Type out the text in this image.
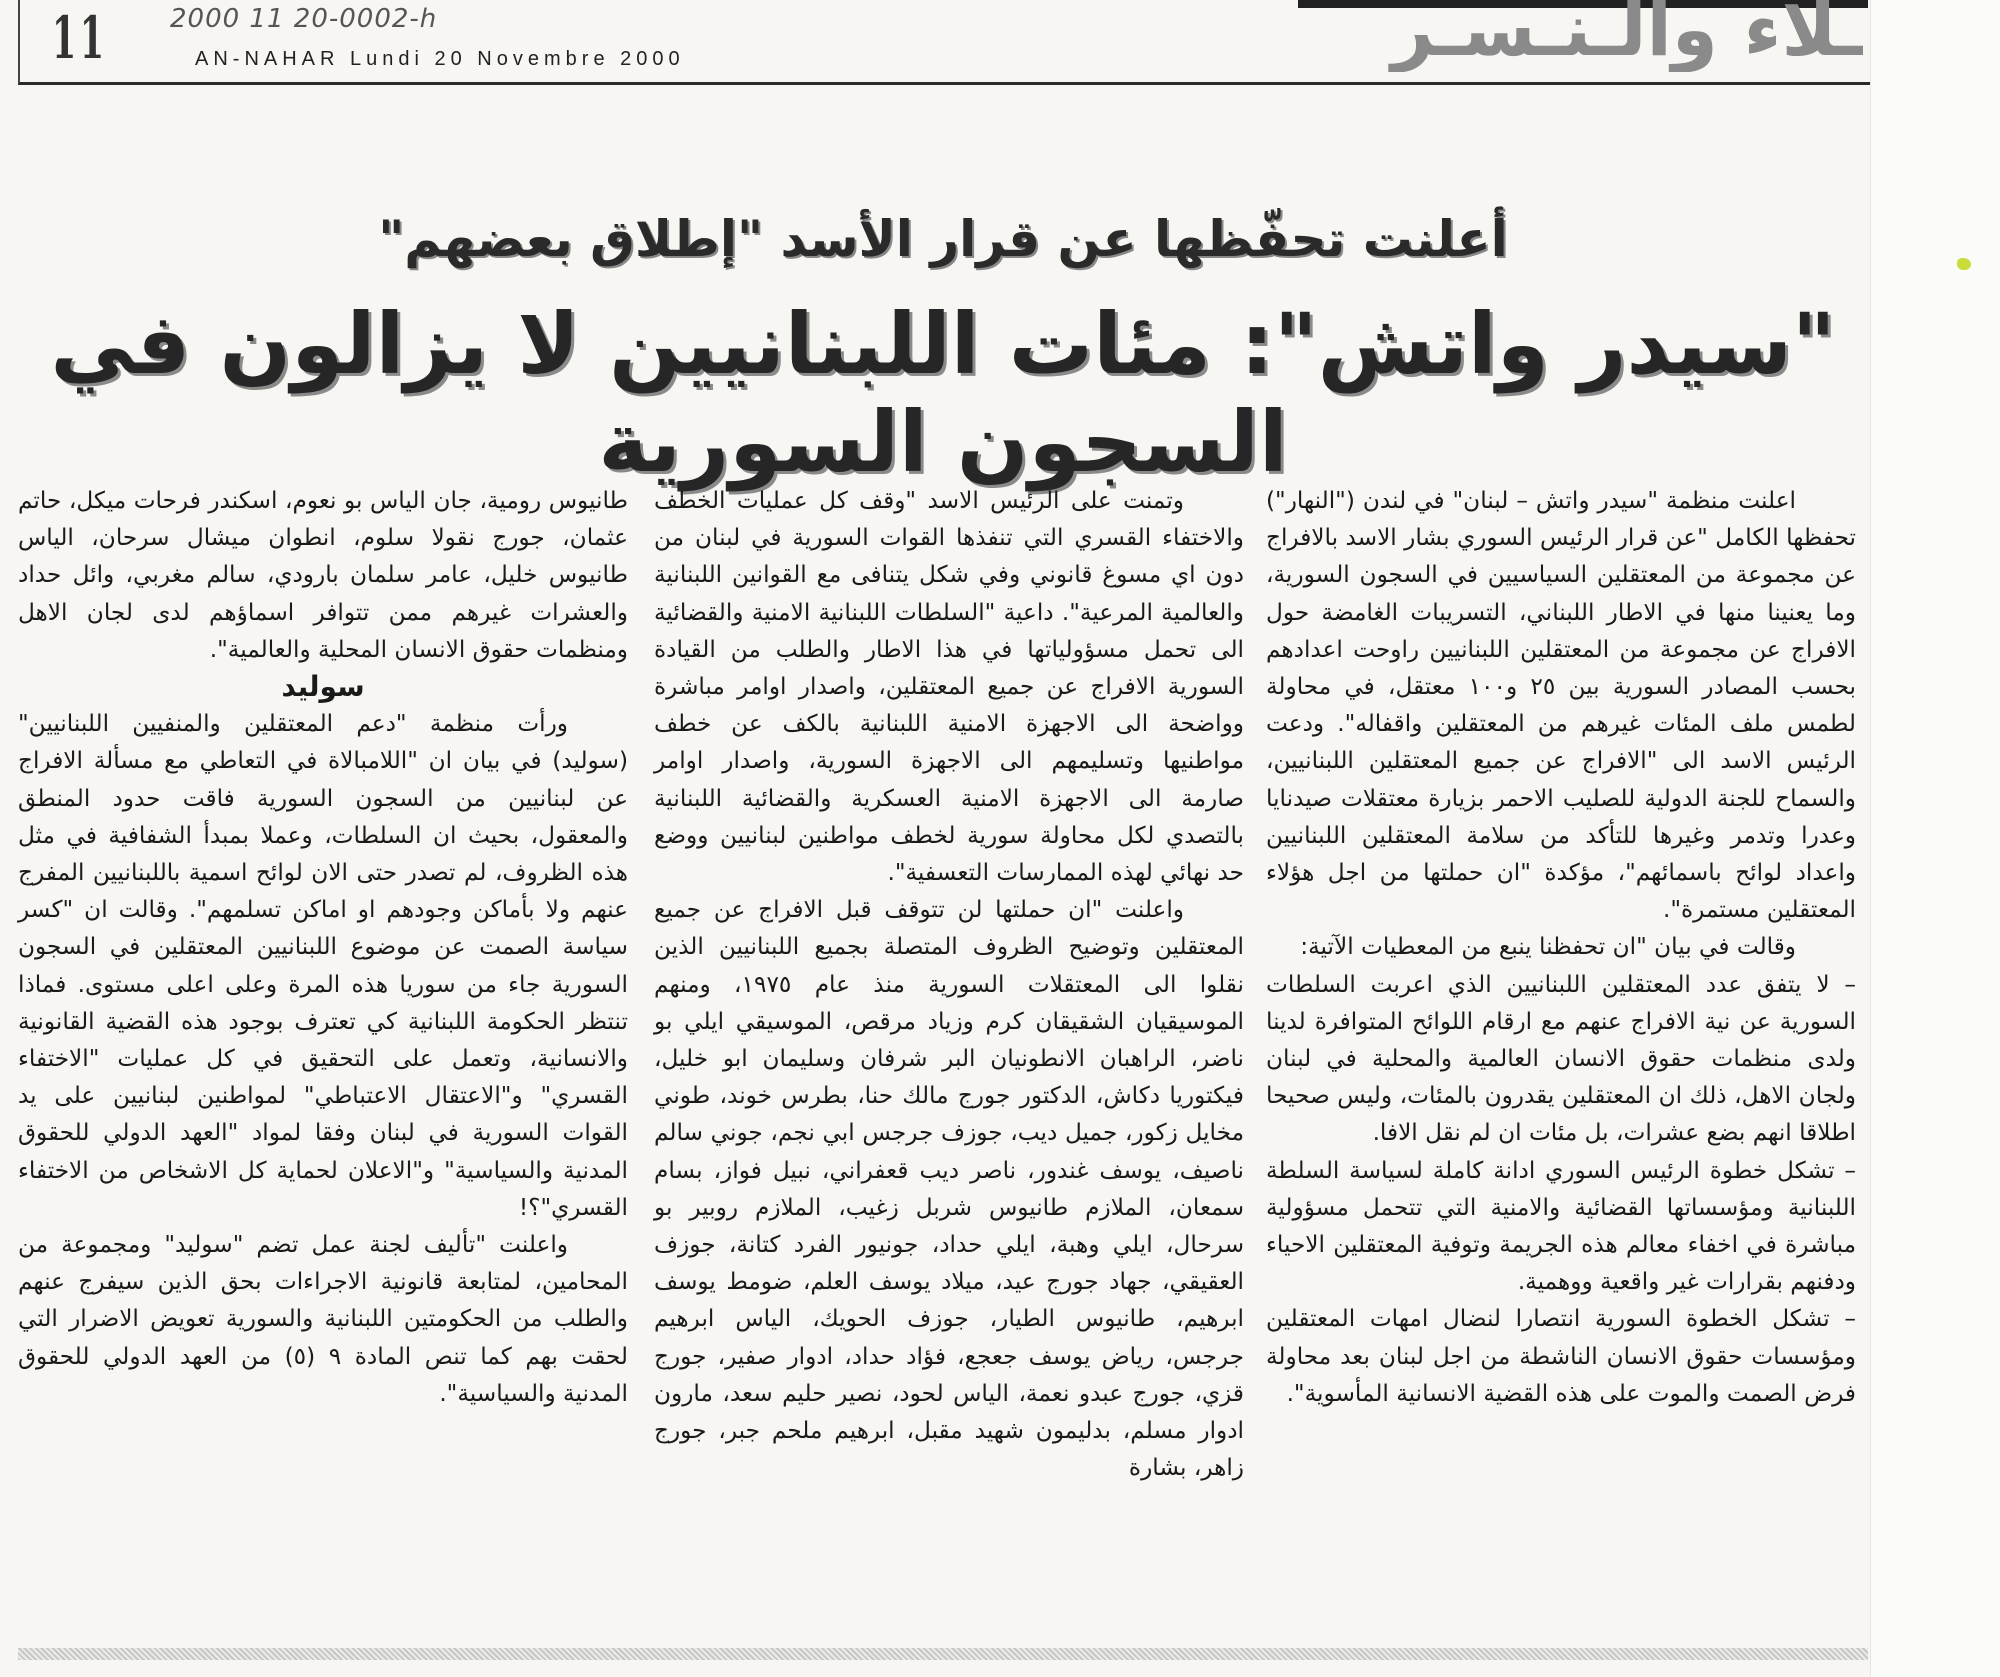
11 2000 11 20-0002-h
AN-NAHAR Lundi 20 Novembre 2000	ـلاء والـنـسـر
أعلنت تحفّظها عن قرار الأسد "إطلاق بعضهم"
"سيدر واتش": مئات اللبنانيين لا يزالون في السجون السورية

اعلنت منظمة "سيدر واتش – لبنان" في لندن ("النهار") تحفظها الكامل "عن قرار الرئيس السوري بشار الاسد بالافراج عن مجموعة من المعتقلين السياسيين في السجون السورية، وما يعنينا منها في الاطار اللبناني، التسريبات الغامضة حول الافراج عن مجموعة من المعتقلين اللبنانيين راوحت اعدادهم بحسب المصادر السورية بين ٢٥ و١٠٠ معتقل، في محاولة لطمس ملف المئات غيرهم من المعتقلين واقفاله". ودعت الرئيس الاسد الى "الافراج عن جميع المعتقلين اللبنانيين، والسماح للجنة الدولية للصليب الاحمر بزيارة معتقلات صيدنايا وعدرا وتدمر وغيرها للتأكد من سلامة المعتقلين اللبنانيين واعداد لوائح باسمائهم"، مؤكدة "ان حملتها من اجل هؤلاء المعتقلين مستمرة".

وقالت في بيان "ان تحفظنا ينبع من المعطيات الآتية:

– لا يتفق عدد المعتقلين اللبنانيين الذي اعربت السلطات السورية عن نية الافراج عنهم مع ارقام اللوائح المتوافرة لدينا ولدى منظمات حقوق الانسان العالمية والمحلية في لبنان ولجان الاهل، ذلك ان المعتقلين يقدرون بالمئات، وليس صحيحا اطلاقا انهم بضع عشرات، بل مئات ان لم نقل الافا.

– تشكل خطوة الرئيس السوري ادانة كاملة لسياسة السلطة اللبنانية ومؤسساتها القضائية والامنية التي تتحمل مسؤولية مباشرة في اخفاء معالم هذه الجريمة وتوفية المعتقلين الاحياء ودفنهم بقرارات غير واقعية ووهمية.

– تشكل الخطوة السورية انتصارا لنضال امهات المعتقلين ومؤسسات حقوق الانسان الناشطة من اجل لبنان بعد محاولة فرض الصمت والموت على هذه القضية الانسانية المأسوية".

وتمنت على الرئيس الاسد "وقف كل عمليات الخطف والاختفاء القسري التي تنفذها القوات السورية في لبنان من دون اي مسوغ قانوني وفي شكل يتنافى مع القوانين اللبنانية والعالمية المرعية". داعية "السلطات اللبنانية الامنية والقضائية الى تحمل مسؤولياتها في هذا الاطار والطلب من القيادة السورية الافراج عن جميع المعتقلين، واصدار اوامر مباشرة وواضحة الى الاجهزة الامنية اللبنانية بالكف عن خطف مواطنيها وتسليمهم الى الاجهزة السورية، واصدار اوامر صارمة الى الاجهزة الامنية العسكرية والقضائية اللبنانية بالتصدي لكل محاولة سورية لخطف مواطنين لبنانيين ووضع حد نهائي لهذه الممارسات التعسفية".

واعلنت "ان حملتها لن تتوقف قبل الافراج عن جميع المعتقلين وتوضيح الظروف المتصلة بجميع اللبنانيين الذين نقلوا الى المعتقلات السورية منذ عام ١٩٧٥، ومنهم الموسيقيان الشقيقان كرم وزياد مرقص، الموسيقي ايلي بو ناضر، الراهبان الانطونيان البر شرفان وسليمان ابو خليل، فيكتوريا دكاش، الدكتور جورج مالك حنا، بطرس خوند، طوني مخايل زكور، جميل ديب، جوزف جرجس ابي نجم، جوني سالم ناصيف، يوسف غندور، ناصر ديب قعفراني، نبيل فواز، بسام سمعان، الملازم طانيوس شربل زغيب، الملازم روبير بو سرحال، ايلي وهبة، ايلي حداد، جونيور الفرد كتانة، جوزف العقيقي، جهاد جورج عيد، ميلاد يوسف العلم، ضومط يوسف ابرهيم، طانيوس الطيار، جوزف الحويك، الياس ابرهيم جرجس، رياض يوسف جعجع، فؤاد حداد، ادوار صفير، جورج قزي، جورج عبدو نعمة، الياس لحود، نصير حليم سعد، مارون ادوار مسلم، بدليمون شهيد مقبل، ابرهيم ملحم جبر، جورج زاهر، بشارة

طانيوس رومية، جان الياس بو نعوم، اسكندر فرحات ميكل، حاتم عثمان، جورج نقولا سلوم، انطوان ميشال سرحان، الياس طانيوس خليل، عامر سلمان بارودي، سالم مغربي، وائل حداد والعشرات غيرهم ممن تتوافر اسماؤهم لدى لجان الاهل ومنظمات حقوق الانسان المحلية والعالمية".

سوليد

ورأت منظمة "دعم المعتقلين والمنفيين اللبنانيين" (سوليد) في بيان ان "اللامبالاة في التعاطي مع مسألة الافراج عن لبنانيين من السجون السورية فاقت حدود المنطق والمعقول، بحيث ان السلطات، وعملا بمبدأ الشفافية في مثل هذه الظروف، لم تصدر حتى الان لوائح اسمية باللبنانيين المفرج عنهم ولا بأماكن وجودهم او اماكن تسلمهم". وقالت ان "كسر سياسة الصمت عن موضوع اللبنانيين المعتقلين في السجون السورية جاء من سوريا هذه المرة وعلى اعلى مستوى. فماذا تنتظر الحكومة اللبنانية كي تعترف بوجود هذه القضية القانونية والانسانية، وتعمل على التحقيق في كل عمليات "الاختفاء القسري" و"الاعتقال الاعتباطي" لمواطنين لبنانيين على يد القوات السورية في لبنان وفقا لمواد "العهد الدولي للحقوق المدنية والسياسية" و"الاعلان لحماية كل الاشخاص من الاختفاء القسري"؟!

واعلنت "تأليف لجنة عمل تضم "سوليد" ومجموعة من المحامين، لمتابعة قانونية الاجراءات بحق الذين سيفرج عنهم والطلب من الحكومتين اللبنانية والسورية تعويض الاضرار التي لحقت بهم كما تنص المادة ٩ (٥) من العهد الدولي للحقوق المدنية والسياسية".
